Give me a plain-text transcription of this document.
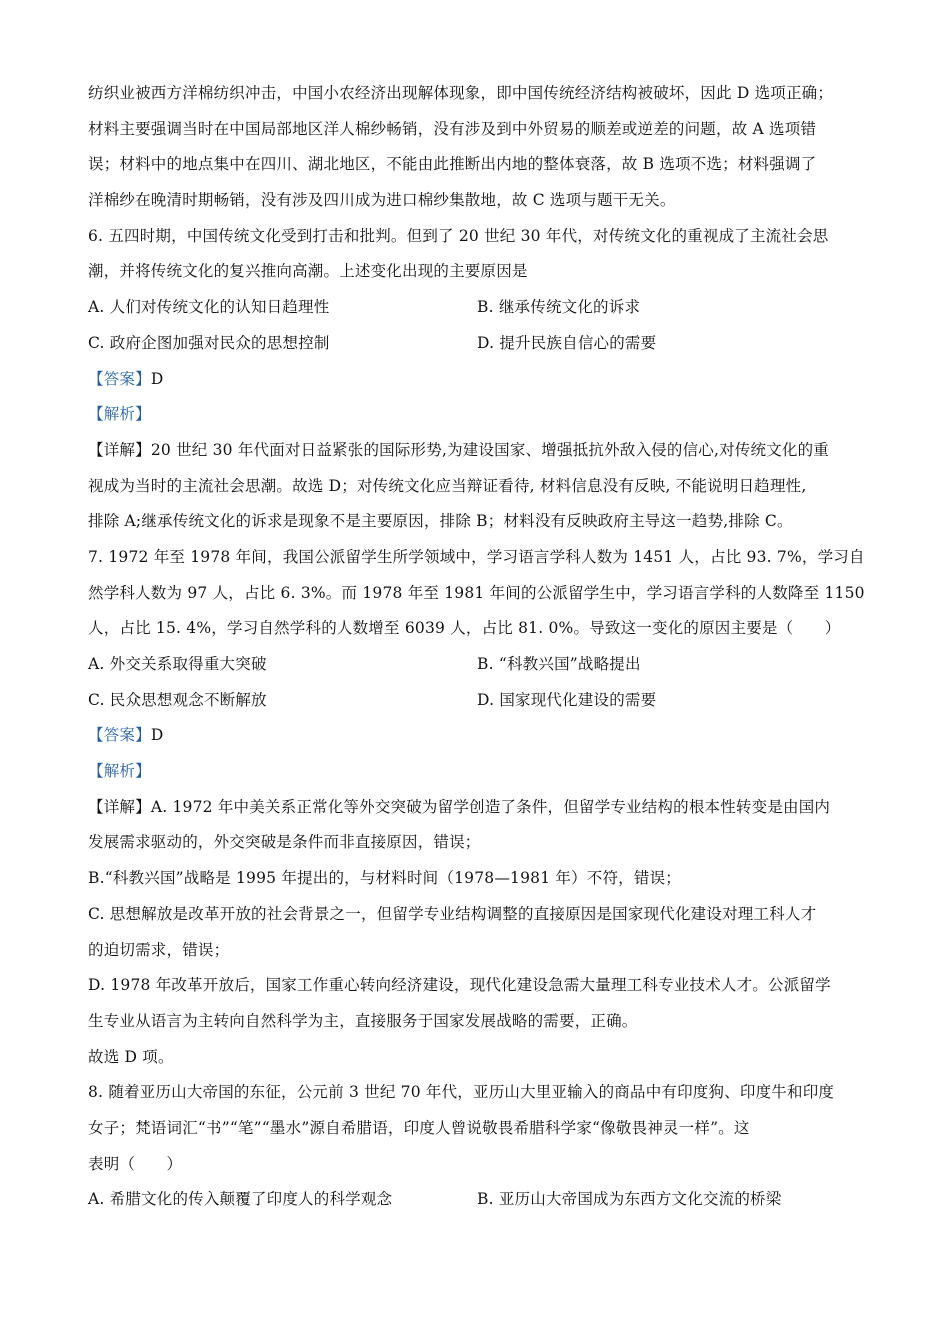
纺织业被西方洋棉纺织冲击，中国小农经济出现解体现象，即中国传统经济结构被破坏，因此 D 选项正确；
材料主要强调当时在中国局部地区洋人棉纱畅销，没有涉及到中外贸易的顺差或逆差的问题，故 A 选项错
误；材料中的地点集中在四川、湖北地区，不能由此推断出内地的整体衰落，故 B 选项不选；材料强调了
洋棉纱在晚清时期畅销，没有涉及四川成为进口棉纱集散地，故 C 选项与题干无关。
6. 五四时期，中国传统文化受到打击和批判。但到了 20 世纪 30 年代，对传统文化的重视成了主流社会思
潮，并将传统文化的复兴推向高潮。上述变化出现的主要原因是
A. 人们对传统文化的认知日趋理性	B. 继承传统文化的诉求
C. 政府企图加强对民众的思想控制	D. 提升民族自信心的需要
【答案】D
【解析】
【详解】20 世纪 30 年代面对日益紧张的国际形势,为建设国家、增强抵抗外敌入侵的信心,对传统文化的重
视成为当时的主流社会思潮。故选 D；对传统文化应当辩证看待, 材料信息没有反映, 不能说明日趋理性,
排除 A;继承传统文化的诉求是现象不是主要原因，排除 B；材料没有反映政府主导这一趋势,排除 C。
7. 1972 年至 1978 年间，我国公派留学生所学领域中，学习语言学科人数为 1451 人，占比 93. 7%，学习自
然学科人数为 97 人，占比 6. 3%。而 1978 年至 1981 年间的公派留学生中，学习语言学科的人数降至 1150
人，占比 15. 4%，学习自然学科的人数增至 6039 人，占比 81. 0%。导致这一变化的原因主要是（　　）
A. 外交关系取得重大突破	B. “科教兴国”战略提出
C. 民众思想观念不断解放	D. 国家现代化建设的需要
【答案】D
【解析】
【详解】A. 1972 年中美关系正常化等外交突破为留学创造了条件，但留学专业结构的根本性转变是由国内
发展需求驱动的，外交突破是条件而非直接原因，错误；
B.“科教兴国”战略是 1995 年提出的，与材料时间（1978—1981 年）不符，错误；
C. 思想解放是改革开放的社会背景之一，但留学专业结构调整的直接原因是国家现代化建设对理工科人才
的迫切需求，错误；
D. 1978 年改革开放后，国家工作重心转向经济建设，现代化建设急需大量理工科专业技术人才。公派留学
生专业从语言为主转向自然科学为主，直接服务于国家发展战略的需要，正确。
故选 D 项。
8. 随着亚历山大帝国的东征，公元前 3 世纪 70 年代，亚历山大里亚输入的商品中有印度狗、印度牛和印度
女子；梵语词汇“书”“笔”“墨水”源自希腊语，印度人曾说敬畏希腊科学家“像敬畏神灵一样”。这
表明（　　）
A. 希腊文化的传入颠覆了印度人的科学观念	B. 亚历山大帝国成为东西方文化交流的桥梁
